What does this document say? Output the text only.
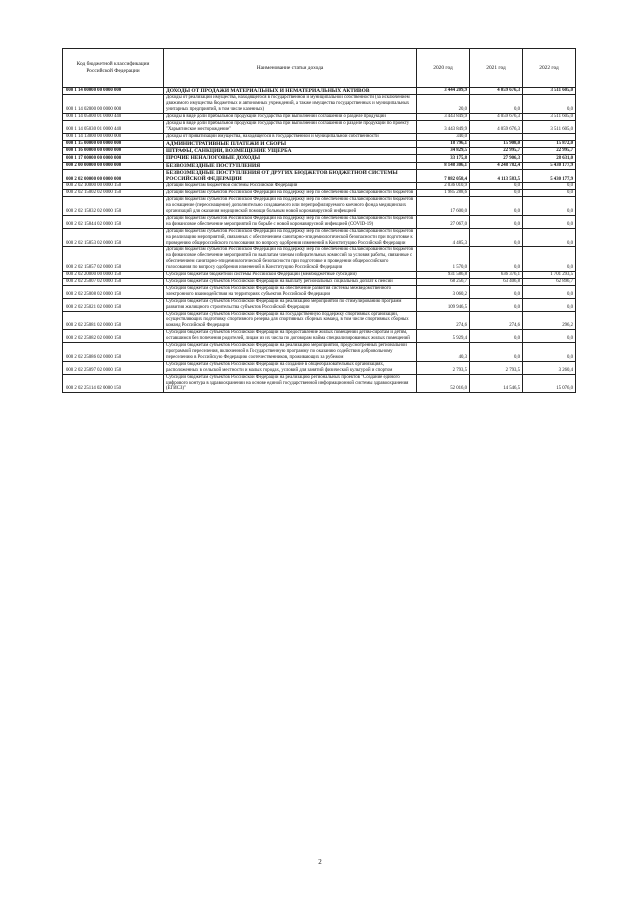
Код бюджетной классификации Российской Федерации	Наименование статьи дохода	2020 год	2021 год	2022 год
000 1 14 00000 00 0000 000	ДОХОДЫ ОТ ПРОДАЖИ МАТЕРИАЛЬНЫХ И НЕМАТЕРИАЛЬНЫХ АКТИВОВ	3 444 209,9	4 059 676,3	3 511 605,0
000 1 14 02000 00 0000 000	Доходы от реализации имущества, находящегося в государственной и муниципальной собственности (за исключением движимого имущества бюджетных и автономных учреждений, а также имущества государственных и муниципальных унитарных предприятий, в том числе казенных)	20,0	0,0	0,0
000 1 14 05000 01 0000 440	Доходы в виде доли прибыльной продукции государства при выполнении соглашений о разделе продукции	3 443 849,9	4 059 676,3	3 511 605,0
000 1 14 05030 01 0000 440	Доходы в виде доли прибыльной продукции государства при выполнении соглашения о разделе продукции по проекту "Харьягинское месторождение"	3 443 849,9	4 059 676,3	3 511 605,0
000 1 14 13000 00 0000 000	Доходы от приватизации имущества, находящегося в государственной и муниципальной собственности	340,0		
000 1 15 00000 00 0000 000	АДМИНИСТРАТИВНЫЕ ПЛАТЕЖИ И СБОРЫ	18 796,1	15 908,0	15 872,0
000 1 16 00000 00 0000 000	ШТРАФЫ, САНКЦИИ, ВОЗМЕЩЕНИЕ УЩЕРБА	34 829,5	22 995,7	22 995,7
000 1 17 00000 00 0000 000	ПРОЧИЕ НЕНАЛОГОВЫЕ ДОХОДЫ	33 175,8	27 906,3	28 631,0
000 2 00 00000 00 0000 000	БЕЗВОЗМЕЗДНЫЕ ПОСТУПЛЕНИЯ	8 148 306,1	4 248 782,4	5 430 177,9
000 2 02 00000 00 0000 000	БЕЗВОЗМЕЗДНЫЕ ПОСТУПЛЕНИЯ ОТ ДРУГИХ БЮДЖЕТОВ БЮДЖЕТНОЙ СИСТЕМЫ РОССИЙСКОЙ ФЕДЕРАЦИИ	7 882 058,4	4 113 583,5	5 430 177,9
000 2 02 10000 00 0000 150	Дотации бюджетам бюджетной системы Российской Федерации	2 036 010,9	0,0	0,0
000 2 02 15002 02 0000 150	Дотации бюджетам субъектов Российской Федерации на поддержку мер по обеспечению сбалансированности бюджетов	1 985 288,6	0,0	0,0
000 2 02 15832 02 0000 150	Дотации бюджетам субъектов Российской Федерации на поддержку мер по обеспечению сбалансированности бюджетов на оснащение (переоснащение) дополнительно создаваемого или перепрофилируемого коечного фонда медицинских организаций для оказания медицинской помощи больным новой коронавирусной инфекцией	17 600,0	0,0	0,0
000 2 02 15844 02 0000 150	Дотации бюджетам субъектов Российской Федерации на поддержку мер по обеспечению сбалансированности бюджетов на финансовое обеспечение мероприятий по борьбе с новой коронавирусной инфекцией (COVID-19)	27 067,0	0,0	0,0
000 2 02 15853 02 0000 150	Дотации бюджетам субъектов Российской Федерации на поддержку мер по обеспечению сбалансированности бюджетов на реализацию мероприятий, связанных с обеспечением санитарно-эпидемиологической безопасности при подготовке к проведению общероссийского голосования по вопросу одобрения изменений в Конституцию Российской Федерации	4 485,3	0,0	0,0
000 2 02 15857 02 0000 150	Дотации бюджетам субъектов Российской Федерации на поддержку мер по обеспечению сбалансированности бюджетов на финансовое обеспечение мероприятий по выплатам членам избирательных комиссий за условия работы, связанные с обеспечением санитарно-эпидемиологической безопасности при подготовке и проведении общероссийского голосования по вопросу одобрения изменений в Конституцию Российской Федерации	1 570,0	0,0	0,0
000 2 02 20000 00 0000 150	Субсидии бюджетам бюджетной системы Российской Федерации (межбюджетные субсидии)	931 586,8	636 376,1	1 701 293,5
000 2 02 25007 02 0000 150	Субсидии бюджетам субъектов Российской Федерации на выплату региональных социальных доплат к пенсии	68 256,7	63 406,8	62 896,7
000 2 02 25008 02 0000 150	Субсидии бюджетам субъектов Российской Федерации на обеспечение развития системы межведомственного электронного взаимодействия на территориях субъектов Российской Федерации	3 060,2	0,0	0,0
000 2 02 25021 02 0000 150	Субсидии бюджетам субъектов Российской Федерации на реализацию мероприятий по стимулированию программ развития жилищного строительства субъектов Российской Федерации	109 946,5	0,0	0,0
000 2 02 25081 02 0000 150	Субсидии бюджетам субъектов Российской Федерации на государственную поддержку спортивных организаций, осуществляющих подготовку спортивного резерва для спортивных сборных команд, в том числе спортивных сборных команд Российской Федерации	274,6	274,6	296,2
000 2 02 25082 02 0000 150	Субсидии бюджетам субъектов Российской Федерации на предоставление жилых помещений детям-сиротам и детям, оставшимся без попечения родителей, лицам из их числа по договорам найма специализированных жилых помещений	5 929,4	0,0	0,0
000 2 02 25086 02 0000 150	Субсидии бюджетам субъектов Российской Федерации на реализацию мероприятий, предусмотренных региональной программой переселения, включенной в Государственную программу по оказанию содействия добровольному переселению в Российскую Федерацию соотечественников, проживающих за рубежом	40,3	0,0	0,0
000 2 02 25097 02 0000 150	Субсидии бюджетам субъектов Российской Федерации на создание в общеобразовательных организациях, расположенных в сельской местности и малых городах, условий для занятий физической культурой и спортом	2 793,5	2 793,5	3 260,4
000 2 02 25114 02 0000 150	Субсидии бюджетам субъектов Российской Федерации на реализацию региональных проектов "Создание единого цифрового контура в здравоохранении на основе единой государственной информационной системы здравоохранения (ЕГИСЗ)"	52 016,0	14 546,5	15 076,0
2
